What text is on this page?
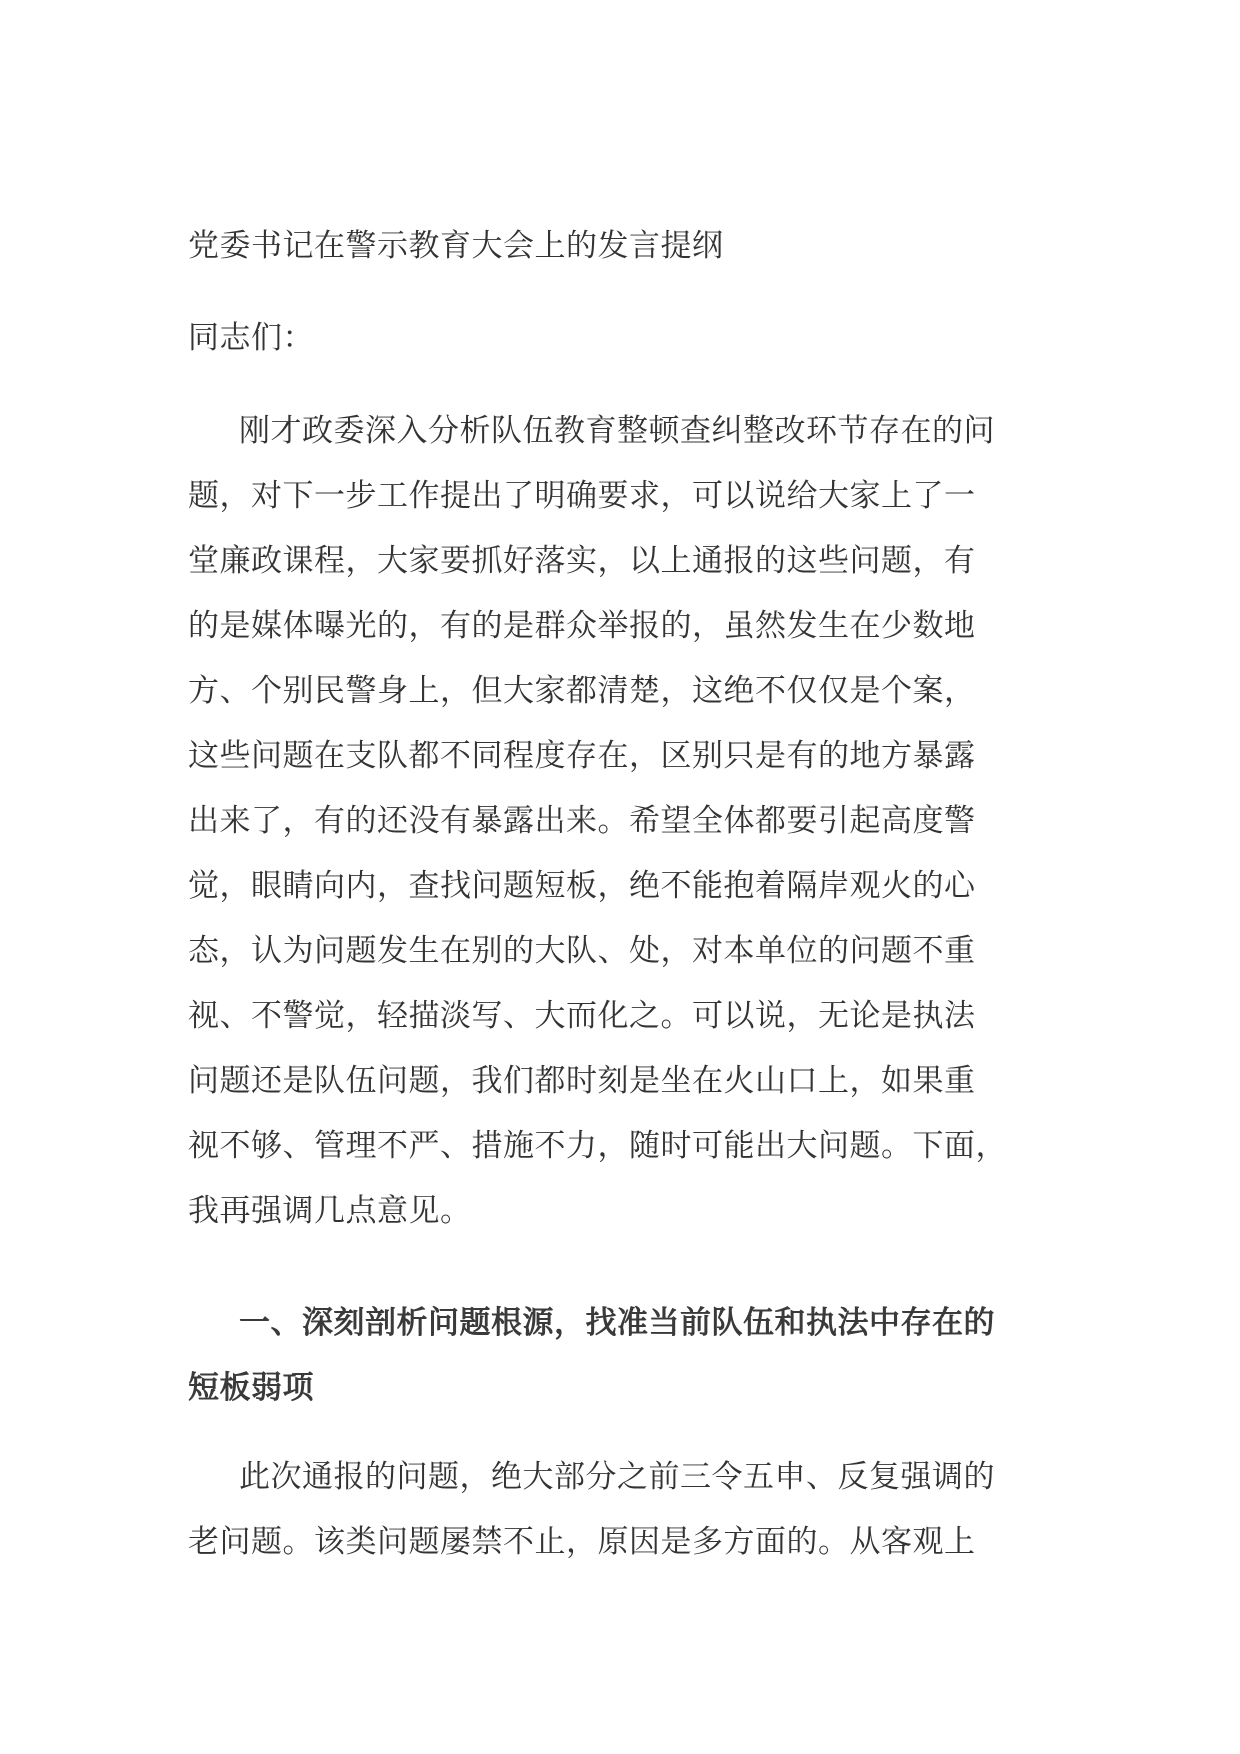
党委书记在警示教育大会上的发言提纲
同志们：
刚才政委深入分析队伍教育整顿查纠整改环节存在的问
题，对下一步工作提出了明确要求，可以说给大家上了一
堂廉政课程，大家要抓好落实，以上通报的这些问题，有
的是媒体曝光的，有的是群众举报的，虽然发生在少数地
方、个别民警身上，但大家都清楚，这绝不仅仅是个案，
这些问题在支队都不同程度存在，区别只是有的地方暴露
出来了，有的还没有暴露出来。希望全体都要引起高度警
觉，眼睛向内，查找问题短板，绝不能抱着隔岸观火的心
态，认为问题发生在别的大队、处，对本单位的问题不重
视、不警觉，轻描淡写、大而化之。可以说，无论是执法
问题还是队伍问题，我们都时刻是坐在火山口上，如果重
视不够、管理不严、措施不力，随时可能出大问题。下面，
我再强调几点意见。
一、深刻剖析问题根源，找准当前队伍和执法中存在的
短板弱项
此次通报的问题，绝大部分之前三令五申、反复强调的
老问题。该类问题屡禁不止，原因是多方面的。从客观上
